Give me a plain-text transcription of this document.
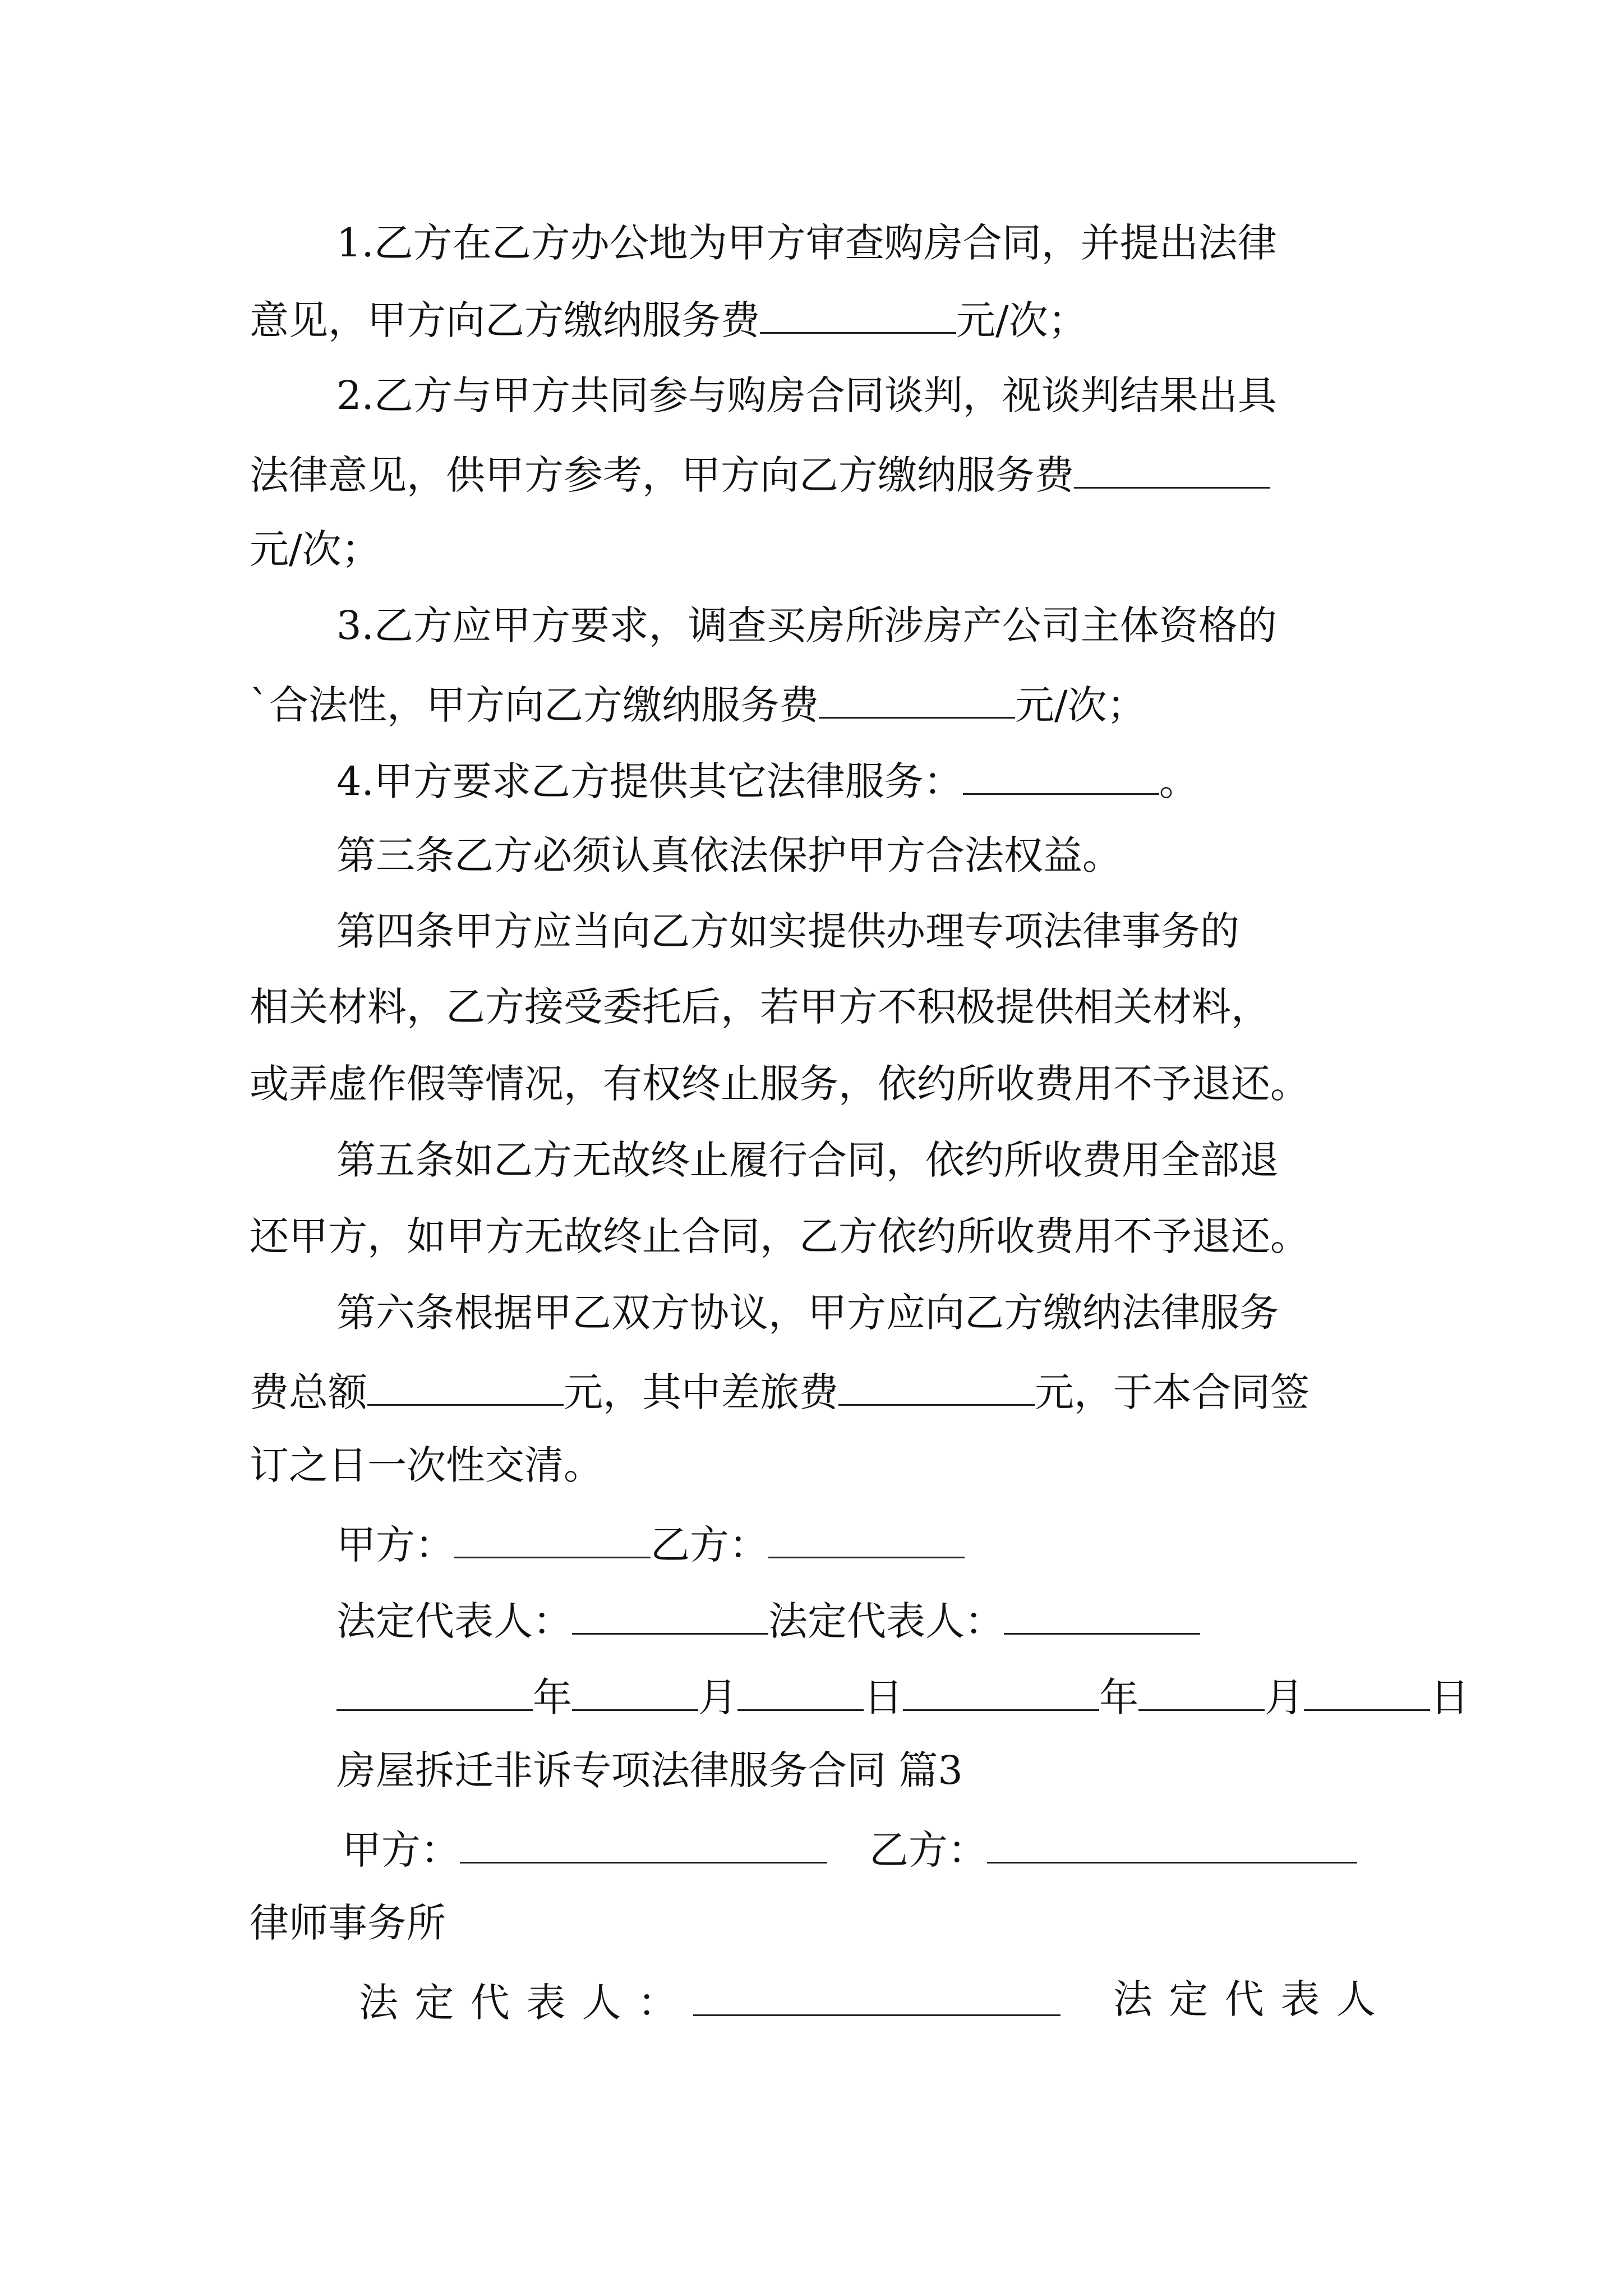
1.乙方在乙方办公地为甲方审查购房合同，并提出法律
意见，甲方向乙方缴纳服务费	元/次；
2.乙方与甲方共同参与购房合同谈判，视谈判结果出具
法律意见，供甲方参考，甲方向乙方缴纳服务费
元/次；
3.乙方应甲方要求，调查买房所涉房产公司主体资格的
`合法性，甲方向乙方缴纳服务费	元/次；
4.甲方要求乙方提供其它法律服务：	。
第三条乙方必须认真依法保护甲方合法权益。
第四条甲方应当向乙方如实提供办理专项法律事务的
相关材料，乙方接受委托后，若甲方不积极提供相关材料，
或弄虚作假等情况，有权终止服务，依约所收费用不予退还。
第五条如乙方无故终止履行合同，依约所收费用全部退
还甲方，如甲方无故终止合同，乙方依约所收费用不予退还。
第六条根据甲乙双方协议，甲方应向乙方缴纳法律服务
费总额	元，其中差旅费	元，于本合同签
订之日一次性交清。
甲方：	乙方：
法定代表人：	法定代表人：
年	月	日	年	月	日
房屋拆迁非诉专项法律服务合同 篇3
甲方：	乙方：
律师事务所
法定代表人：	法定代表人
